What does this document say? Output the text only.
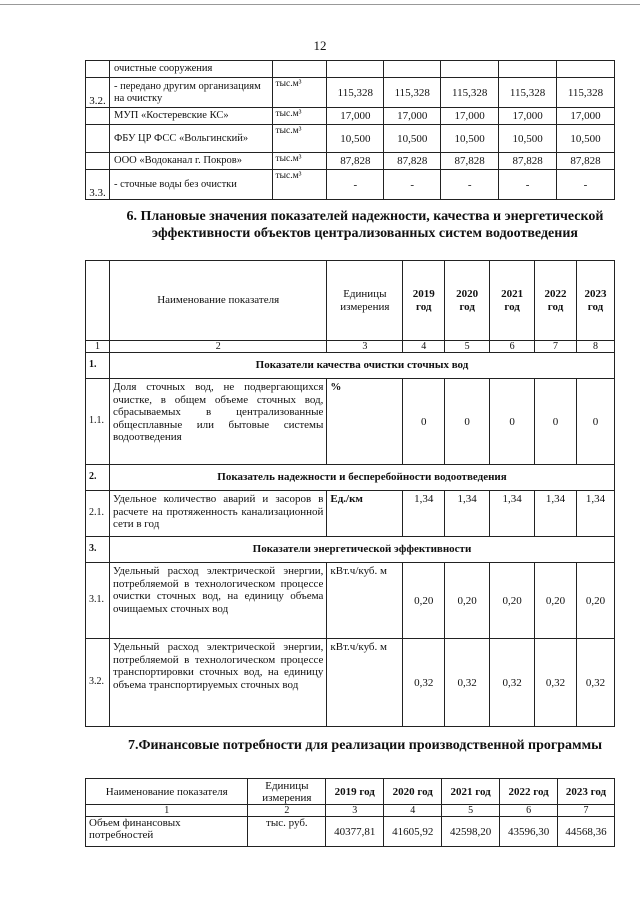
12
	очистные сооружения						
3.2.	- передано другим организациям на очистку	тыс.м³	115,328	115,328	115,328	115,328	115,328
	МУП «Костеревские КС»	тыс.м³	17,000	17,000	17,000	17,000	17,000
	ФБУ ЦР ФСС «Вольгинский»	тыс.м³	10,500	10,500	10,500	10,500	10,500
	ООО «Водоканал г. Покров»	тыс.м³	87,828	87,828	87,828	87,828	87,828
3.3.	- сточные воды без очистки	тыс.м³	-	-	-	-	-
6. Плановые значения показателей надежности, качества и энергетической эффективности объектов централизованных систем водоотведения
	Наименование показателя	Единицы измерения	2019 год	2020 год	2021 год	2022 год	2023 год
1	2	3	4	5	6	7	8
1.	Показатели качества очистки сточных вод						
1.1.	Доля сточных вод, не подвергающихся очистке, в общем объеме сточных вод, сбрасываемых в централизованные общесплавные или бытовые системы водоотведения	%	0	0	0	0	0
2.	Показатель надежности и бесперебойности водоотведения						
2.1.	Удельное количество аварий и засоров в расчете на протяженность канализационной сети в год	Ед./км	1,34	1,34	1,34	1,34	1,34
3.	Показатели энергетической эффективности						
3.1.	Удельный расход электрической энергии, потребляемой в технологическом процессе очистки сточных вод, на единицу объема очищаемых сточных вод	кВт.ч/куб. м	0,20	0,20	0,20	0,20	0,20
3.2.	Удельный расход электрической энергии, потребляемой в технологическом процессе транспортировки сточных вод, на единицу объема транспортируемых сточных вод	кВт.ч/куб. м	0,32	0,32	0,32	0,32	0,32
7.Финансовые потребности для реализации производственной программы
Наименование показателя	Единицы измерения	2019 год	2020 год	2021 год	2022 год	2023 год
1	2	3	4	5	6	7
Объем финансовых потребностей	тыс. руб.	40377,81	41605,92	42598,20	43596,30	44568,36
